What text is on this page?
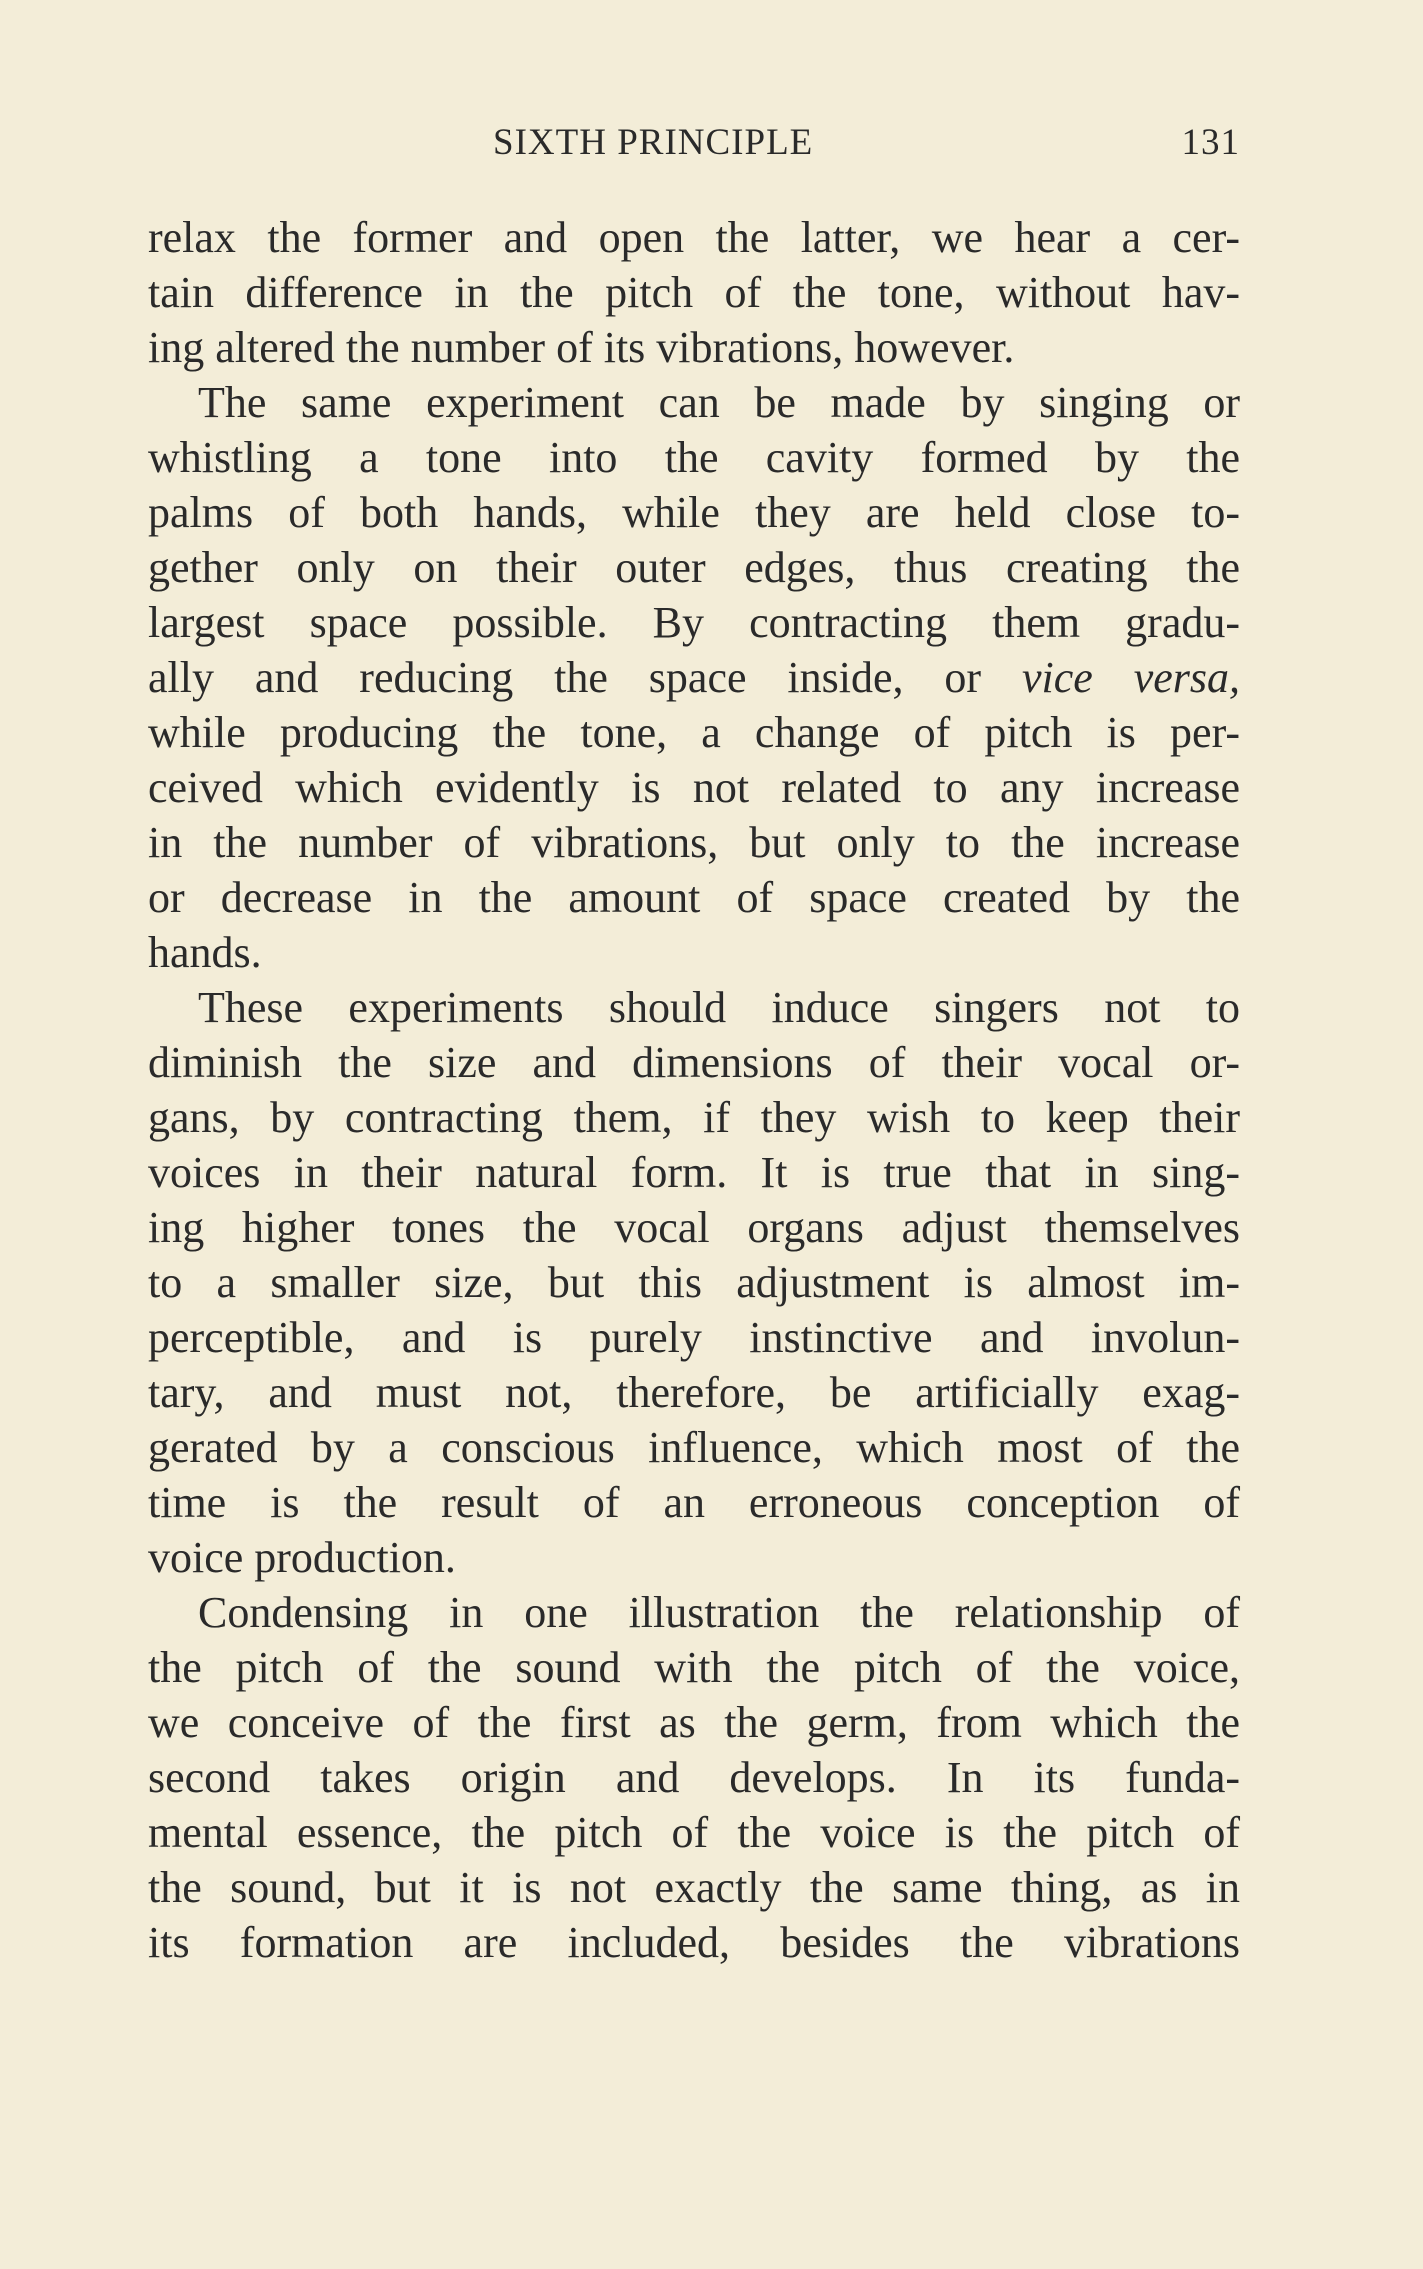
SIXTH PRINCIPLE	131
relax the former and open the latter, we hear a cer-
tain difference in the pitch of the tone, without hav-
ing altered the number of its vibrations, however.
The same experiment can be made by singing or
whistling a tone into the cavity formed by the
palms of both hands, while they are held close to-
gether only on their outer edges, thus creating the
largest space possible. By contracting them gradu-
ally and reducing the space inside, or vice versa,
while producing the tone, a change of pitch is per-
ceived which evidently is not related to any increase
in the number of vibrations, but only to the increase
or decrease in the amount of space created by the
hands.
These experiments should induce singers not to
diminish the size and dimensions of their vocal or-
gans, by contracting them, if they wish to keep their
voices in their natural form. It is true that in sing-
ing higher tones the vocal organs adjust themselves
to a smaller size, but this adjustment is almost im-
perceptible, and is purely instinctive and involun-
tary, and must not, therefore, be artificially exag-
gerated by a conscious influence, which most of the
time is the result of an erroneous conception of
voice production.
Condensing in one illustration the relationship of
the pitch of the sound with the pitch of the voice,
we conceive of the first as the germ, from which the
second takes origin and develops. In its funda-
mental essence, the pitch of the voice is the pitch of
the sound, but it is not exactly the same thing, as in
its formation are included, besides the vibrations
